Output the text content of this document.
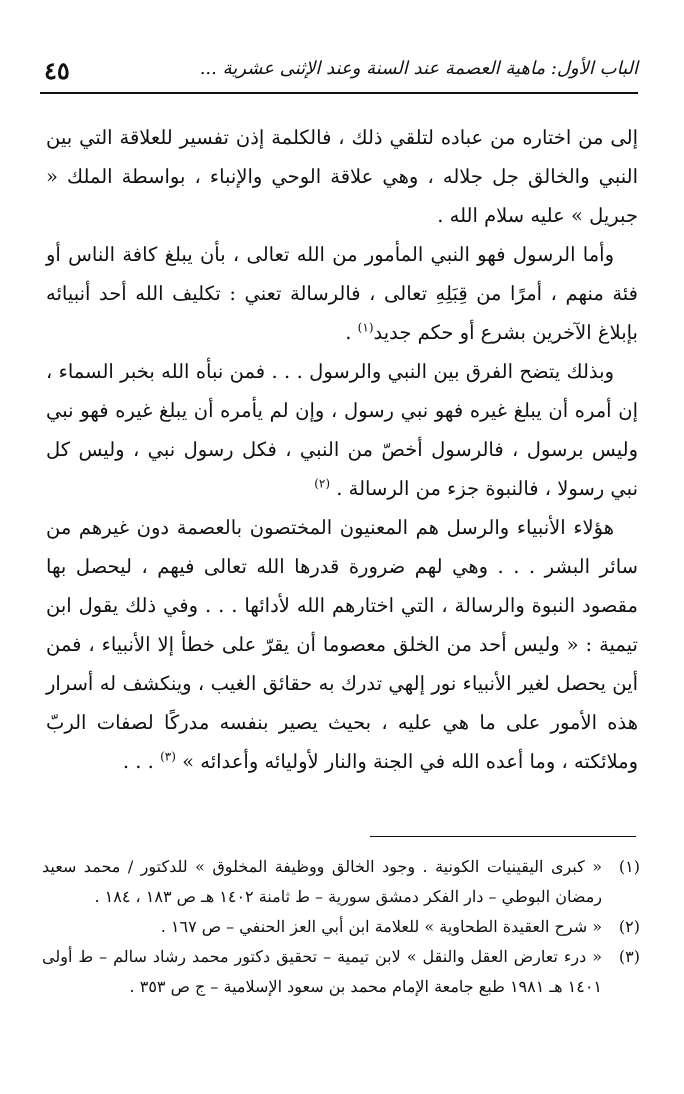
الباب الأول: ماهية العصمة عند السنة وعند الإثنى عشرية ...
٤٥

إلى من اختاره من عباده لتلقي ذلك ، فالكلمة إذن تفسير للعلاقة التي بين النبي والخالق جل جلاله ، وهي علاقة الوحي والإنباء ، بواسطة الملك « جبريل » عليه سلام الله .

وأما الرسول فهو النبي المأمور من الله تعالى ، بأن يبلغ كافة الناس أو فئة منهم ، أمرًا من قِبَلِهِ تعالى ، فالرسالة تعني : تكليف الله أحد أنبيائه بإبلاغ الآخرين بشرع أو حكم جديد$^{(١)}$ .

وبذلك يتضح الفرق بين النبي والرسول . . . فمن نبأه الله بخبر السماء ، إن أمره أن يبلغ غيره فهو نبي رسول ، وإن لم يأمره أن يبلغ غيره فهو نبي وليس برسول ، فالرسول أخصّ من النبي ، فكل رسول نبي ، وليس كل نبي رسولا ، فالنبوة جزء من الرسالة . $^{(٢)}$

هؤلاء الأنبياء والرسل هم المعنيون المختصون بالعصمة دون غيرهم من سائر البشر . . . وهي لهم ضرورة قدرها الله تعالى فيهم ، ليحصل بها مقصود النبوة والرسالة ، التي اختارهم الله لأدائها . . . وفي ذلك يقول ابن تيمية : « وليس أحد من الخلق معصوما أن يقرّ على خطأ إلا الأنبياء ، فمن أين يحصل لغير الأنبياء نور إلهي تدرك به حقائق الغيب ، وينكشف له أسرار هذه الأمور على ما هي عليه ، بحيث يصير بنفسه مدركًا لصفات الربّ وملائكته ، وما أعده الله في الجنة والنار لأوليائه وأعدائه » $^{(٣)}$ . . .

(١)
« كبرى اليقينيات الكونية . وجود الخالق ووظيفة المخلوق » للدكتور / محمد سعيد رمضان البوطي – دار الفكر دمشق سورية – ط ثامنة ١٤٠٢ هـ ص ١٨٣ ، ١٨٤ .
(٢)
« شرح العقيدة الطحاوية » للعلامة ابن أبي العز الحنفي – ص ١٦٧ .
(٣)
« درء تعارض العقل والنقل » لابن تيمية – تحقيق دكتور محمد رشاد سالم – ط أولى ١٤٠١ هـ ١٩٨١ طبع جامعة الإمام محمد بن سعود الإسلامية – ج ص ٣٥٣ .
